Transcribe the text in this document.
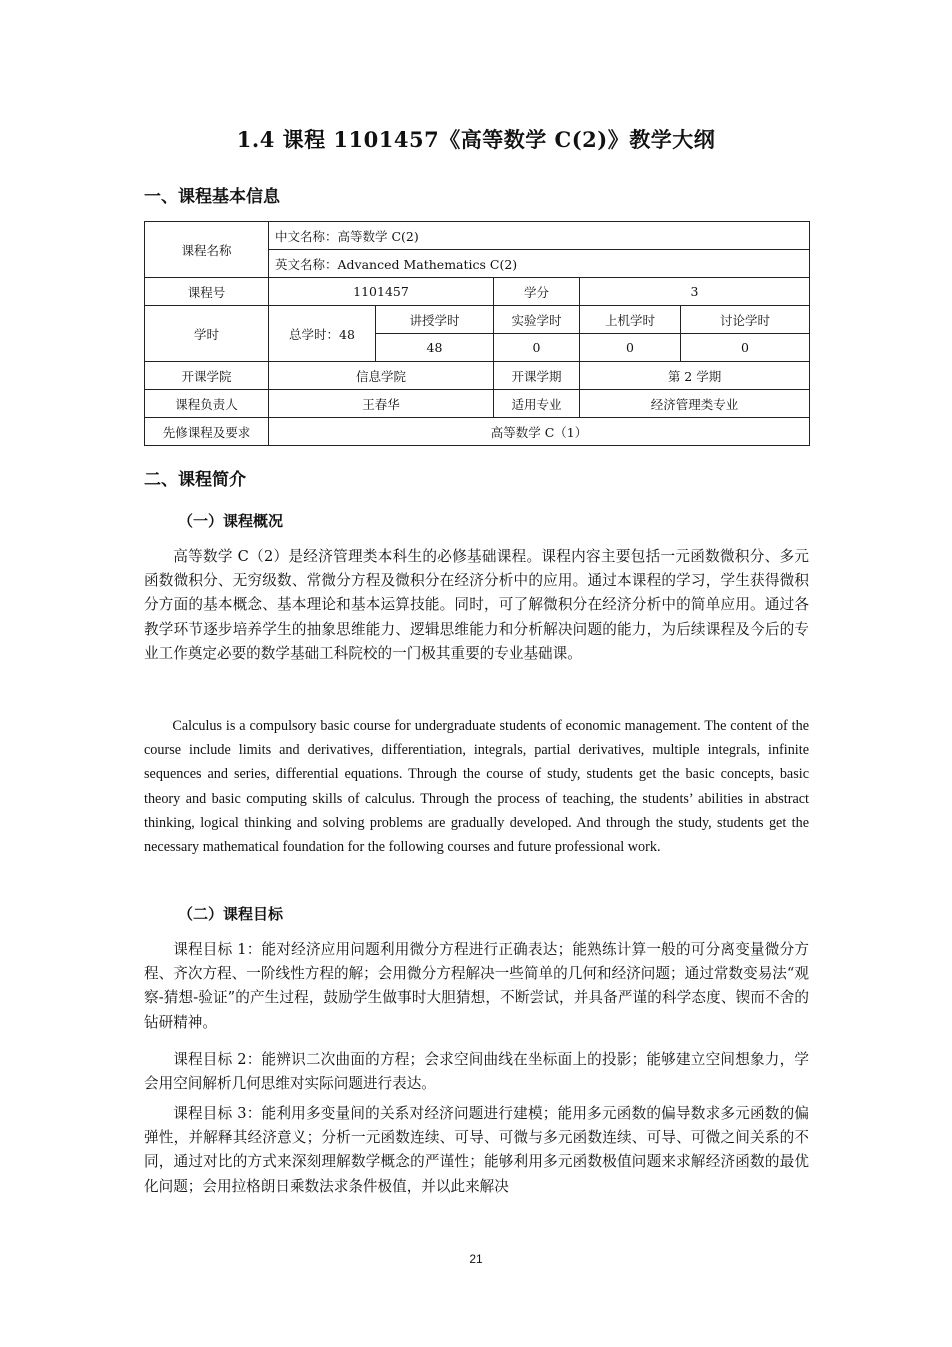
1.4 课程 1101457《高等数学 C(2)》教学大纲
一、课程基本信息
课程名称	中文名称：高等数学 C(2)				
	英文名称：Advanced Mathematics C(2)				
课程号	1101457		学分	3	
学时	总学时：48	讲授学时	实验学时	上机学时	讨论学时
		48	0	0	0
开课学院	信息学院		开课学期	第 2 学期	
课程负责人	王春华		适用专业	经济管理类专业	
先修课程及要求	高等数学 C（1）				
二、课程简介
（一）课程概况

高等数学 C（2）是经济管理类本科生的必修基础课程。课程内容主要包括一元函数微积分、多元函数微积分、无穷级数、常微分方程及微积分在经济分析中的应用。通过本课程的学习，学生获得微积分方面的基本概念、基本理论和基本运算技能。同时，可了解微积分在经济分析中的简单应用。通过各教学环节逐步培养学生的抽象思维能力、逻辑思维能力和分析解决问题的能力，为后续课程及今后的专业工作奠定必要的数学基础工科院校的一门极其重要的专业基础课。

Calculus is a compulsory basic course for undergraduate students of economic management. The content of the course include limits and derivatives, differentiation, integrals, partial derivatives, multiple integrals, infinite sequences and series, differential equations. Through the course of study, students get the basic concepts, basic theory and basic computing skills of calculus. Through the process of teaching, the students’ abilities in abstract thinking, logical thinking and solving problems are gradually developed. And through the study, students get the necessary mathematical foundation for the following courses and future professional work.

（二）课程目标

课程目标 1：能对经济应用问题利用微分方程进行正确表达；能熟练计算一般的可分离变量微分方程、齐次方程、一阶线性方程的解；会用微分方程解决一些简单的几何和经济问题；通过常数变易法“观察-猜想-验证”的产生过程，鼓励学生做事时大胆猜想，不断尝试，并具备严谨的科学态度、锲而不舍的钻研精神。

课程目标 2：能辨识二次曲面的方程；会求空间曲线在坐标面上的投影；能够建立空间想象力，学会用空间解析几何思维对实际问题进行表达。

课程目标 3：能利用多变量间的关系对经济问题进行建模；能用多元函数的偏导数求多元函数的偏弹性，并解释其经济意义；分析一元函数连续、可导、可微与多元函数连续、可导、可微之间关系的不同，通过对比的方式来深刻理解数学概念的严谨性；能够利用多元函数极值问题来求解经济函数的最优化问题；会用拉格朗日乘数法求条件极值，并以此来解决

21
